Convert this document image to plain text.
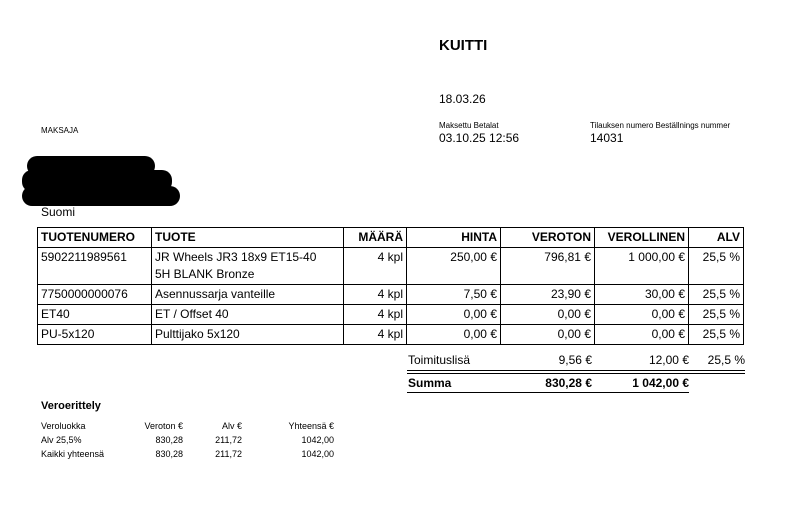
KUITTI
18.03.26
MAKSAJA
Maksettu Betalat
03.10.25 12:56
Tilauksen numero Beställnings nummer
14031
Suomi
TUOTENUMERO	TUOTE	MÄÄRÄ	HINTA	VEROTON	VEROLLINEN	ALV
5902211989561	JR Wheels JR3 18x9 ET15-40
5H BLANK Bronze	4 kpl	250,00 €	796,81 €	1 000,00 €	25,5 %
7750000000076	Asennussarja vanteille	4 kpl	7,50 €	23,90 €	30,00 €	25,5 %
ET40	ET / Offset 40	4 kpl	0,00 €	0,00 €	0,00 €	25,5 %
PU-5x120	Pulttijako 5x120	4 kpl	0,00 €	0,00 €	0,00 €	25,5 %
Toimituslisä	9,56 €	12,00 € 25,5 %
Summa	830,28 €	1 042,00 €
Veroerittely
Veroluokka	Veroton €	Alv €	Yhteensä €
Alv 25,5%	830,28	211,72	1042,00
Kaikki yhteensä	830,28	211,72	1042,00
